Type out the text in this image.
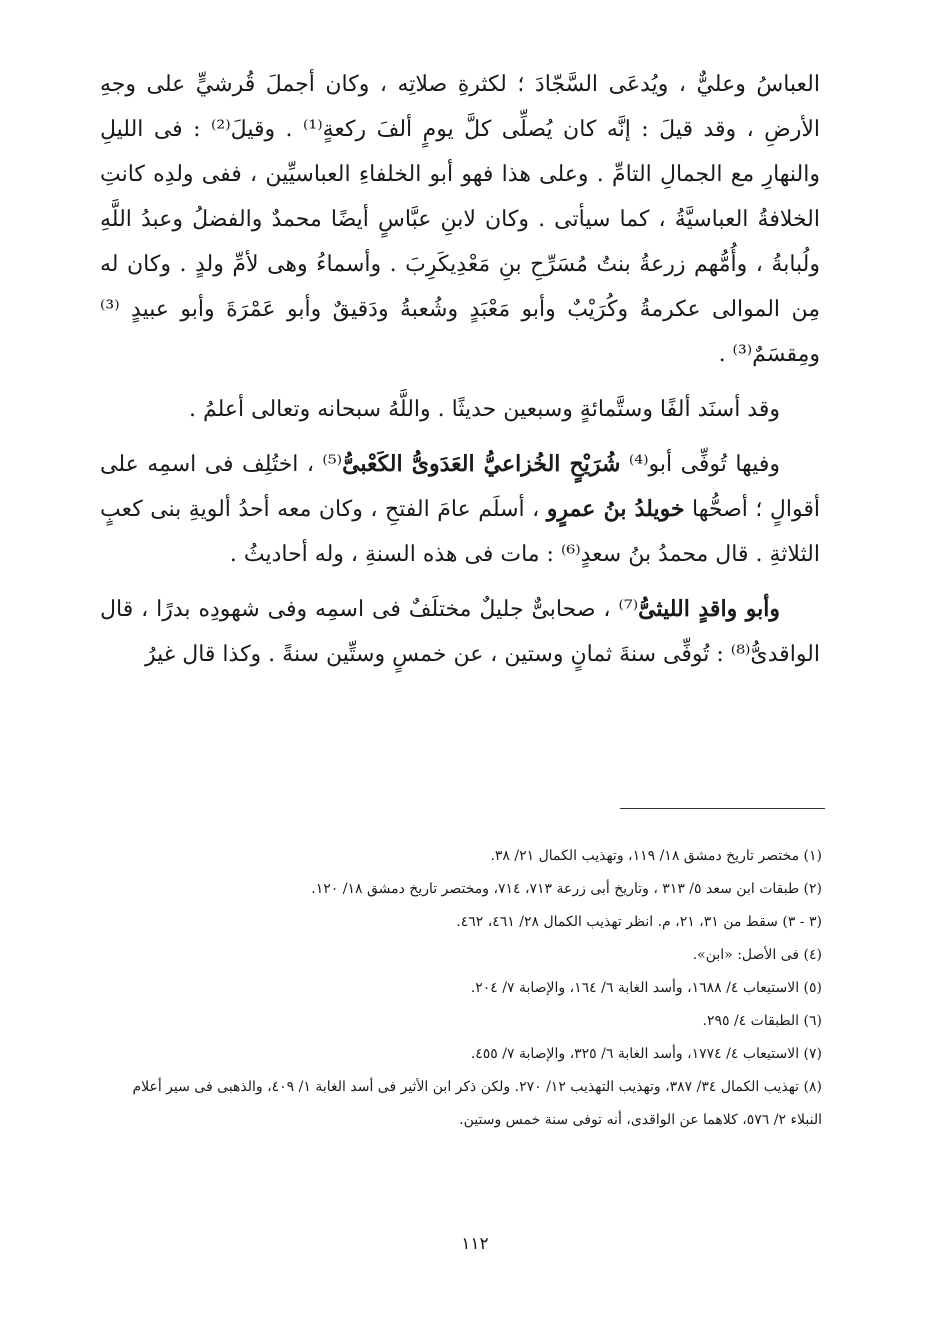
العباسُ وعليٌّ ، ويُدعَى السَّجّادَ ؛ لكثرةِ صلاتِه ، وكان أجملَ قُرشيٍّ على وجهِ الأرضِ ، وقد قيلَ : إنَّه كان يُصلِّى كلَّ يومٍ ألفَ ركعةٍ⁽¹⁾ . وقيلَ⁽²⁾ : فى الليلِ والنهارِ مع الجمالِ التامِّ . وعلى هذا فهو أبو الخلفاءِ العباسيِّين ، ففى ولدِه كانتِ الخلافةُ العباسيَّةُ ، كما سيأتى . وكان لابنِ عبَّاسٍ أيضًا محمدٌ والفضلُ وعبدُ اللَّهِ ولُبابةُ ، وأُمُّهم زرعةُ بنتُ مُسَرِّحِ بنِ مَعْدِيكَرِبَ . وأسماءُ وهى لأمِّ ولدٍ . وكان له مِن الموالى عكرمةُ وكُرَيْبٌ وأبو مَعْبَدٍ وشُعبةُ ودَقيقٌ وأبو عَمْرَةَ وأبو عبيدٍ ⁽³⁾ ومِقسَمٌ⁽³⁾ .

وقد أسنَد ألفًا وستَّمائةٍ وسبعين حديثًا . واللَّهُ سبحانه وتعالى أعلمُ .

وفيها تُوفِّى أبو⁽⁴⁾ شُرَيْحٍ الخُزاعيُّ العَدَوىُّ الكَعْبىُّ⁽⁵⁾ ، اختُلِف فى اسمِه على أقوالٍ ؛ أصحُّها خويلدُ بنُ عمرٍو ، أسلَم عامَ الفتحِ ، وكان معه أحدُ ألويةِ بنى كعبٍ الثلاثةِ . قال محمدُ بنُ سعدٍ⁽⁶⁾ : مات فى هذه السنةِ ، وله أحاديثُ .

وأبو واقدٍ الليثىُّ⁽⁷⁾ ، صحابىٌّ جليلٌ مختلَفٌ فى اسمِه وفى شهودِه بدرًا ، قال الواقدىُّ⁽⁸⁾ : تُوفِّى سنةَ ثمانٍ وستين ، عن خمسٍ وستِّين سنةً . وكذا قال غيرُ

(١) مختصر تاريخ دمشق ١٨/ ١١٩، وتهذيب الكمال ٢١/ ٣٨.

(٢) طبقات ابن سعد ٥/ ٣١٣ ، وتاريخ أبى زرعة ٧١٣، ٧١٤، ومختصر تاريخ دمشق ١٨/ ١٢٠.

(٣ - ٣) سقط من ٣١، ٢١، م. انظر تهذيب الكمال ٢٨/ ٤٦١، ٤٦٢.

(٤) فى الأصل: «ابن».

(٥) الاستيعاب ٤/ ١٦٨٨، وأسد الغابة ٦/ ١٦٤، والإصابة ٧/ ٢٠٤.

(٦) الطبقات ٤/ ٢٩٥.

(٧) الاستيعاب ٤/ ١٧٧٤، وأسد الغابة ٦/ ٣٢٥، والإصابة ٧/ ٤٥٥.

(٨) تهذيب الكمال ٣٤/ ٣٨٧، وتهذيب التهذيب ١٢/ ٢٧٠. ولكن ذكر ابن الأثير فى أسد الغابة ١/ ٤٠٩، والذهبى فى سير أعلام النبلاء ٢/ ٥٧٦، كلاهما عن الواقدى، أنه توفى سنة خمس وستين.

١١٢
